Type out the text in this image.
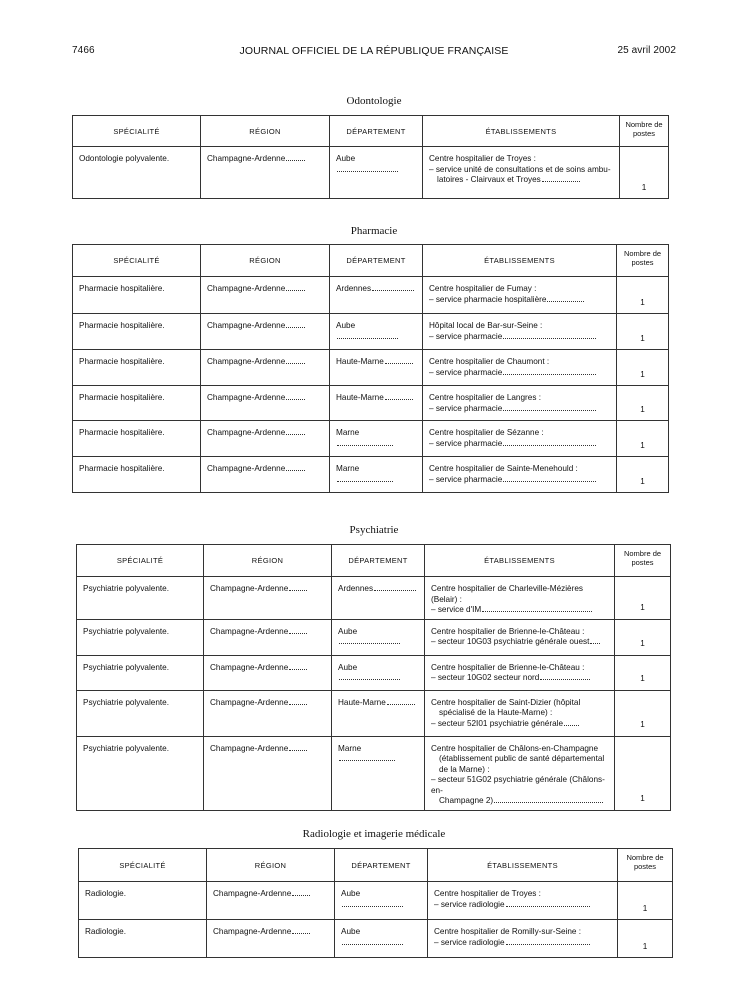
7466	JOURNAL OFFICIEL DE LA RÉPUBLIQUE FRANÇAISE	25 avril 2002
Odontologie
SPÉCIALITÉ	RÉGION	DÉPARTEMENT	ÉTABLISSEMENTS	Nombre de
postes
Odontologie polyvalente.	Champagne-Ardenne	Aube	Centre hospitalier de Troyes :
– service unité de consultations et de soins ambu-
latoires - Clairvaux et Troyes	1
Pharmacie
SPÉCIALITÉ	RÉGION	DÉPARTEMENT	ÉTABLISSEMENTS	Nombre de
postes
Pharmacie hospitalière.	Champagne-Ardenne	Ardennes	Centre hospitalier de Fumay :
– service pharmacie hospitalière	1
Pharmacie hospitalière.	Champagne-Ardenne	Aube	Hôpital local de Bar-sur-Seine :
– service pharmacie	1
Pharmacie hospitalière.	Champagne-Ardenne	Haute-Marne	Centre hospitalier de Chaumont :
– service pharmacie	1
Pharmacie hospitalière.	Champagne-Ardenne	Haute-Marne	Centre hospitalier de Langres :
– service pharmacie	1
Pharmacie hospitalière.	Champagne-Ardenne	Marne	Centre hospitalier de Sézanne :
– service pharmacie	1
Pharmacie hospitalière.	Champagne-Ardenne	Marne	Centre hospitalier de Sainte-Menehould :
– service pharmacie	1
Psychiatrie
SPÉCIALITÉ	RÉGION	DÉPARTEMENT	ÉTABLISSEMENTS	Nombre de
postes
Psychiatrie polyvalente.	Champagne-Ardenne	Ardennes	Centre hospitalier de Charleville-Mézières (Belair) :
– service d'IM	1
Psychiatrie polyvalente.	Champagne-Ardenne	Aube	Centre hospitalier de Brienne-le-Château :
– secteur 10G03 psychiatrie générale ouest	1
Psychiatrie polyvalente.	Champagne-Ardenne	Aube	Centre hospitalier de Brienne-le-Château :
– secteur 10G02 secteur nord	1
Psychiatrie polyvalente.	Champagne-Ardenne	Haute-Marne	Centre hospitalier de Saint-Dizier (hôpital
spécialisé de la Haute-Marne) :
– secteur 52I01 psychiatrie générale	1
Psychiatrie polyvalente.	Champagne-Ardenne	Marne	Centre hospitalier de Châlons-en-Champagne
(établissement public de santé départemental
de la Marne) :
– secteur 51G02 psychiatrie générale (Châlons-en-
Champagne 2)	1
Radiologie et imagerie médicale
SPÉCIALITÉ	RÉGION	DÉPARTEMENT	ÉTABLISSEMENTS	Nombre de
postes
Radiologie.	Champagne-Ardenne	Aube	Centre hospitalier de Troyes :
– service radiologie	1
Radiologie.	Champagne-Ardenne	Aube	Centre hospitalier de Romilly-sur-Seine :
– service radiologie	1
